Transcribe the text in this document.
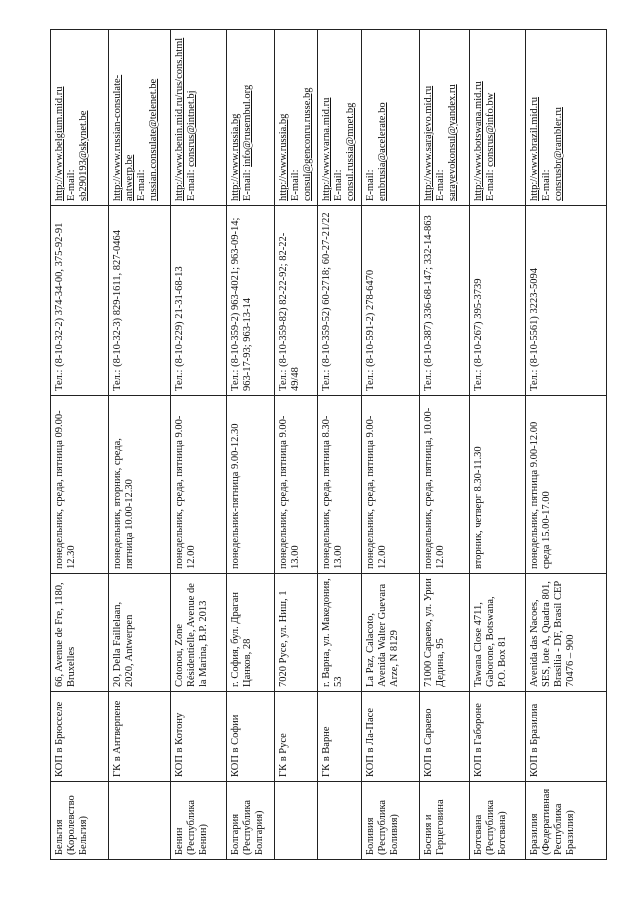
Бельгия (Королевство Бельгия)	КОП в Брюсселе	66, Avenue de Fre, 1180, Bruxelles	понедельник, среда, пятница 09.00-12.30	Тел.: (8-10-32-2) 374-34-00, 375-92-91	http://www.belgium.mid.ru
E-mail:
sb290193@skynet.be
	ГК в Антверпене	20, Della Faillelaan, 2020, Antwerpen	понедельник, вторник, среда, пятница 10.00-12.30	Тел.: (8-10-32-3) 829-1611, 827-0464	http://www.russian-consulate-antwerp.be
E-mail:
russian.consulate@telenet.be
Бенин (Республика Бенин)	КОП в Котону	Cotonou, Zone Résidentielle, Avenue de la Marina, B.P. 2013	понедельник, среда, пятница 9.00-12.00	Тел.: (8-10-229) 21-31-68-13	http://www.benin.mid.ru/rus/cons.html
E-mail: consrus@intnet.bj
Болгария (Республика Болгария)	КОП в Софии	г. София, бул. Драган Цанков, 28	понедельник-пятница 9.00-12.30	Тел.: (8-10-359-2) 963-4021; 963-09-14; 963-17-93; 963-13-14	http://www.russia.bg
E-mail: info@rusembul.org
	ГК в Русе	7020 Русе, ул. Ниш, 1	понедельник, среда, пятница 9.00-13.00	Тел.: (8-10-359-82) 82-22-92; 82-22-49/48	http://www.russia.bg
E-mail:
consul@genconru.russe.bg
	ГК в Варне	г. Варна, ул. Македония, 53	понедельник, среда, пятница 8.30-13.00	Тел.: (8-10-359-52) 60-2718; 60-27-21/22	http://www.varna.mid.ru
E-mail:
consul.russia@mnet.bg
Боливия (Республика Боливия)	КОП в Ла-Пасе	La Paz, Calacoto, Avenida Walter Guevara Arze, N 8129	понедельник, среда, пятница 9.00-12.00	Тел.: (8-10-591-2) 278-6470	E-mail:
embrusia@acelerate.bo
Босния и Герцеговина	КОП в Сараево	71000 Сараево, ул. Урии Дедина, 95	понедельник, среда, пятница, 10.00-12.00	Тел.: (8-10-387) 336-68-147; 332-14-863	http://www.sarajevo.mid.ru
E-mail:
sarayevokonsul@yandex.ru
Ботсвана (Республика Ботсвана)	КОП в Габороне	Tawana Close 4711, Gaborone, Botswana, P.O. Box 81	вторник, четверг 8.30-11.30	Тел.: (8-10-267) 395-3739	http://www.botswana.mid.ru
E-mail: consrus@info.bw
Бразилия (Федеративная Республика Бразилия)	КОП в Бразилиа	Avenida das Nacoes, SES, lote A, Quadra 801, Brasilia - DF, Brasil CEP 70476 – 900	понедельник, пятница 9.00-12.00 среда 15.00-17.00	Тел.: (8-10-5561) 3223-5094	http://www.brazil.mid.ru
E-mail:
consrusbr@rambler.ru
